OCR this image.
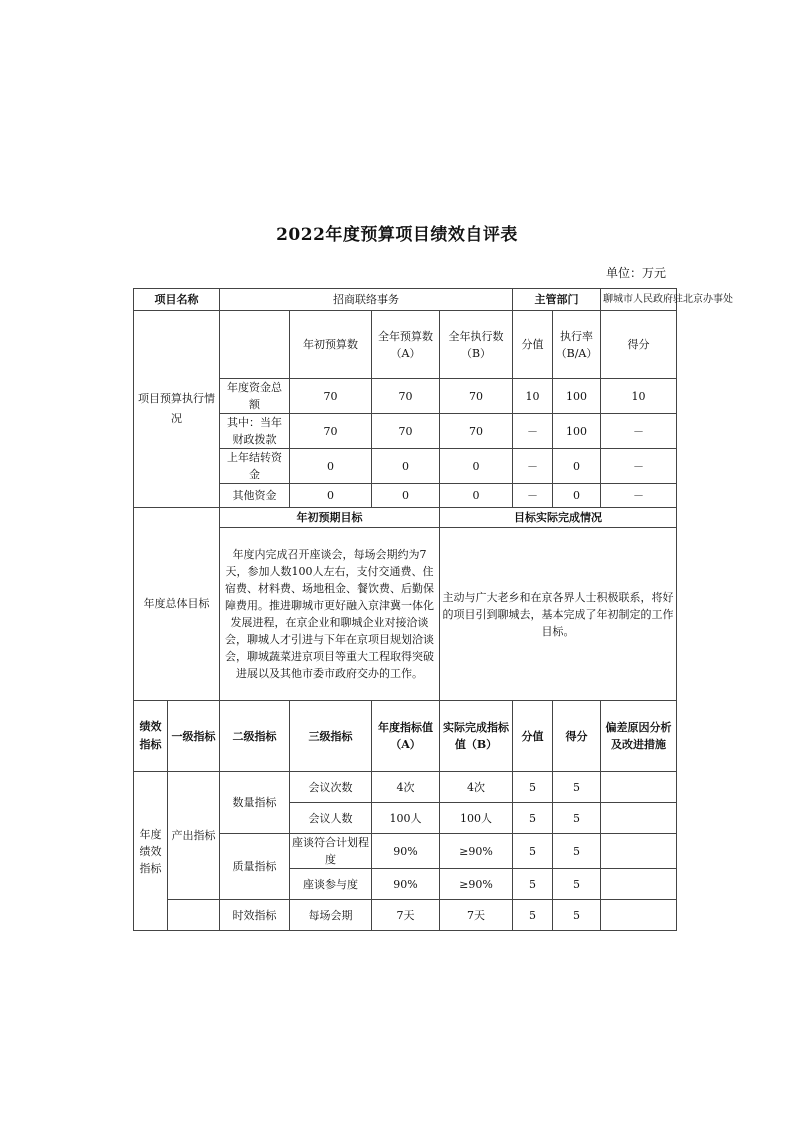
2022年度预算项目绩效自评表
单位：万元
项目名称		招商联络事务				主管部门		聊城市人民政府驻北京办事处
项目预算执行情况			年初预算数	全年预算数（A）	全年执行数（B）	分值	执行率（B/A）	得分
		年度资金总额	70	70	70	10	100	10
		其中：当年财政拨款	70	70	70	－	100	－
		上年结转资金	0	0	0	－	0	－
		其他资金	0	0	0	－	0	－
年度总体目标		年初预期目标			目标实际完成情况			
		年度内完成召开座谈会，每场会期约为7天，参加人数100人左右，支付交通费、住宿费、材料费、场地租金、餐饮费、后勤保障费用。推进聊城市更好融入京津冀一体化发展进程，在京企业和聊城企业对接洽谈会，聊城人才引进与下年在京项目规划洽谈会，聊城蔬菜进京项目等重大工程取得突破进展以及其他市委市政府交办的工作。			主动与广大老乡和在京各界人士积极联系，将好的项目引到聊城去，基本完成了年初制定的工作目标。			
绩效指标	一级指标	二级指标	三级指标	年度指标值（A）	实际完成指标值（B）	分值	得分	偏差原因分析及改进措施
年度绩效指标	产出指标	数量指标	会议次数	4次	4次	5	5	
			会议人数	100人	100人	5	5	
		质量指标	座谈符合计划程度	90%	≥90%	5	5	
			座谈参与度	90%	≥90%	5	5	
		时效指标	每场会期	7天	7天	5	5	
